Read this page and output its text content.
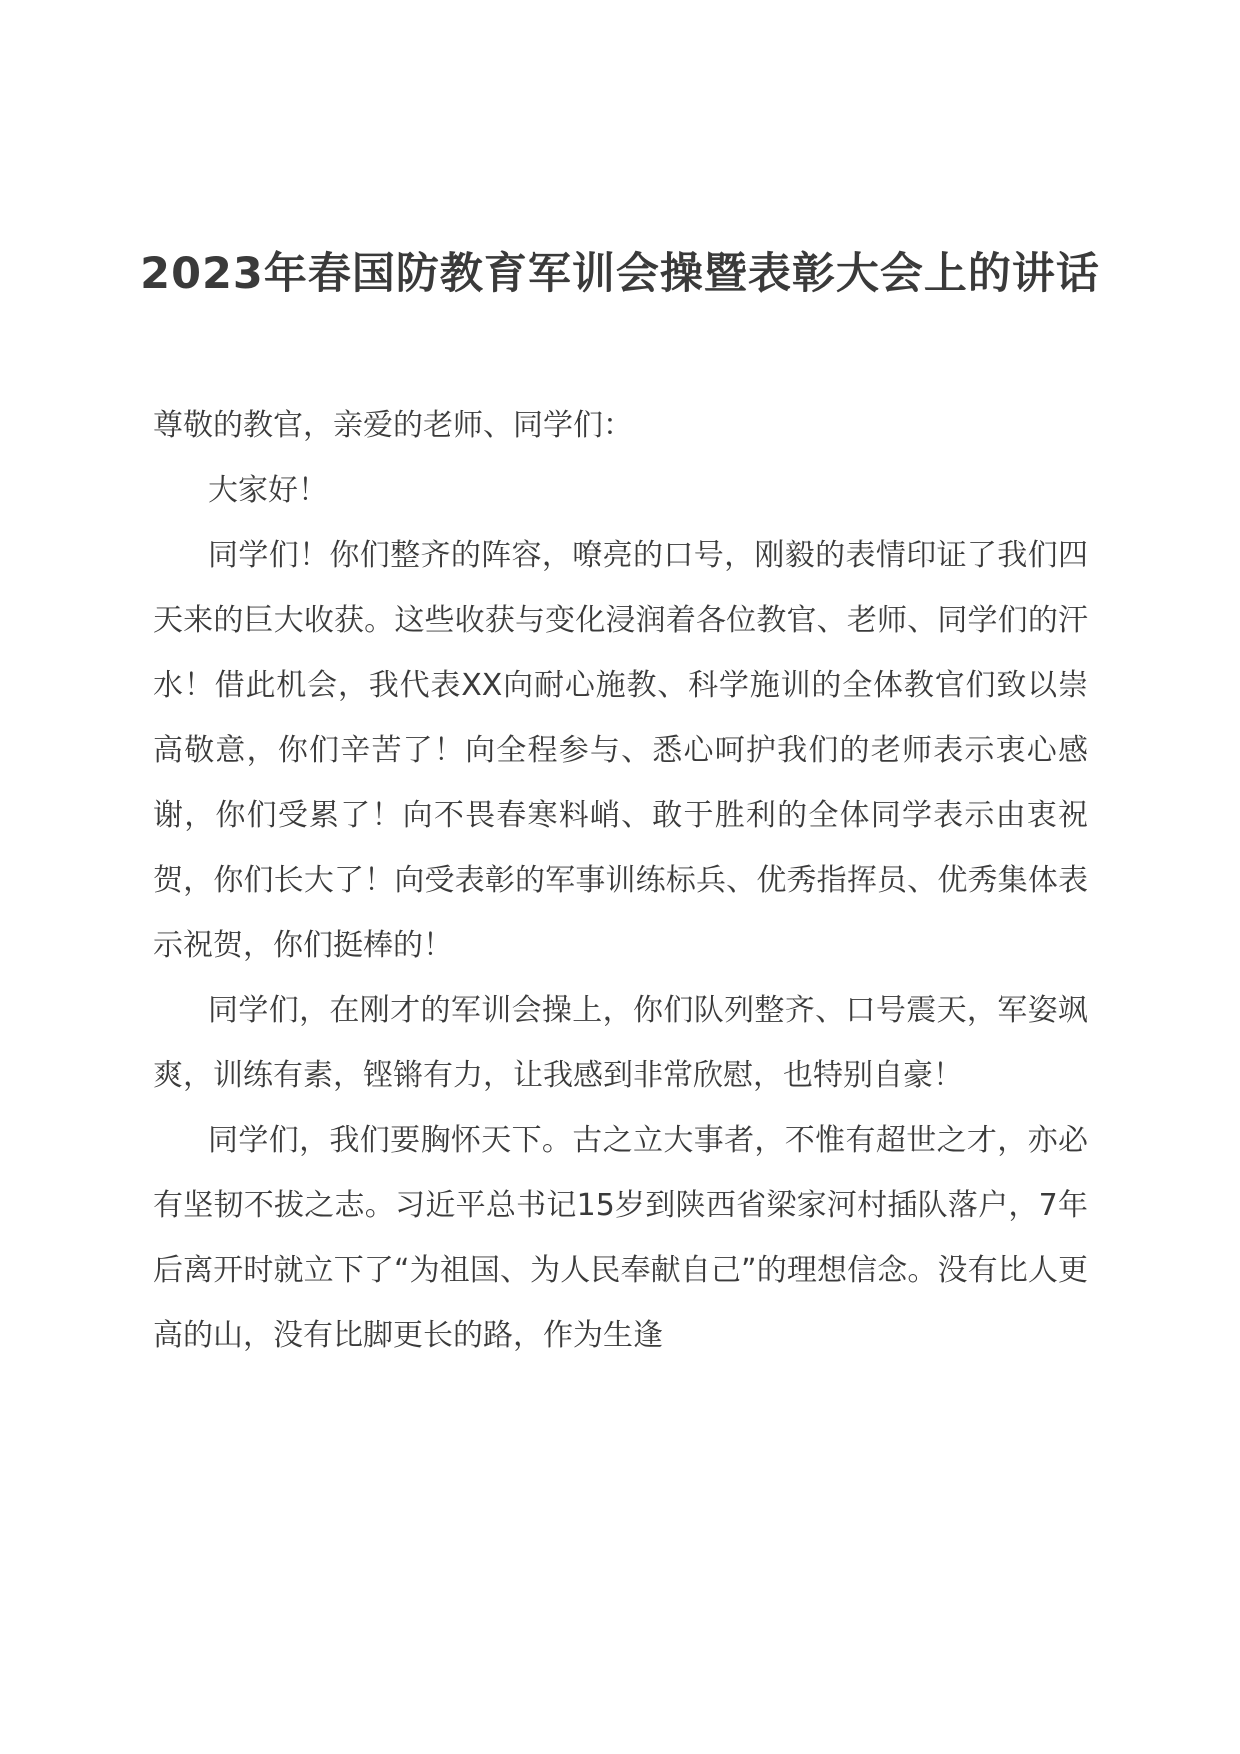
2023年春国防教育军训会操暨表彰大会上的讲话

尊敬的教官，亲爱的老师、同学们：

大家好！

同学们！你们整齐的阵容，嘹亮的口号，刚毅的表情印证了我们四天来的巨大收获。这些收获与变化浸润着各位教官、老师、同学们的汗水！借此机会，我代表XX向耐心施教、科学施训的全体教官们致以崇高敬意，你们辛苦了！向全程参与、悉心呵护我们的老师表示衷心感谢，你们受累了！向不畏春寒料峭、敢于胜利的全体同学表示由衷祝贺，你们长大了！向受表彰的军事训练标兵、优秀指挥员、优秀集体表示祝贺，你们挺棒的！

同学们，在刚才的军训会操上，你们队列整齐、口号震天，军姿飒爽，训练有素，铿锵有力，让我感到非常欣慰，也特别自豪！

同学们，我们要胸怀天下。古之立大事者，不惟有超世之才，亦必有坚韧不拔之志。习近平总书记15岁到陕西省梁家河村插队落户，7年后离开时就立下了“为祖国、为人民奉献自己”的理想信念。没有比人更高的山，没有比脚更长的路，作为生逢
